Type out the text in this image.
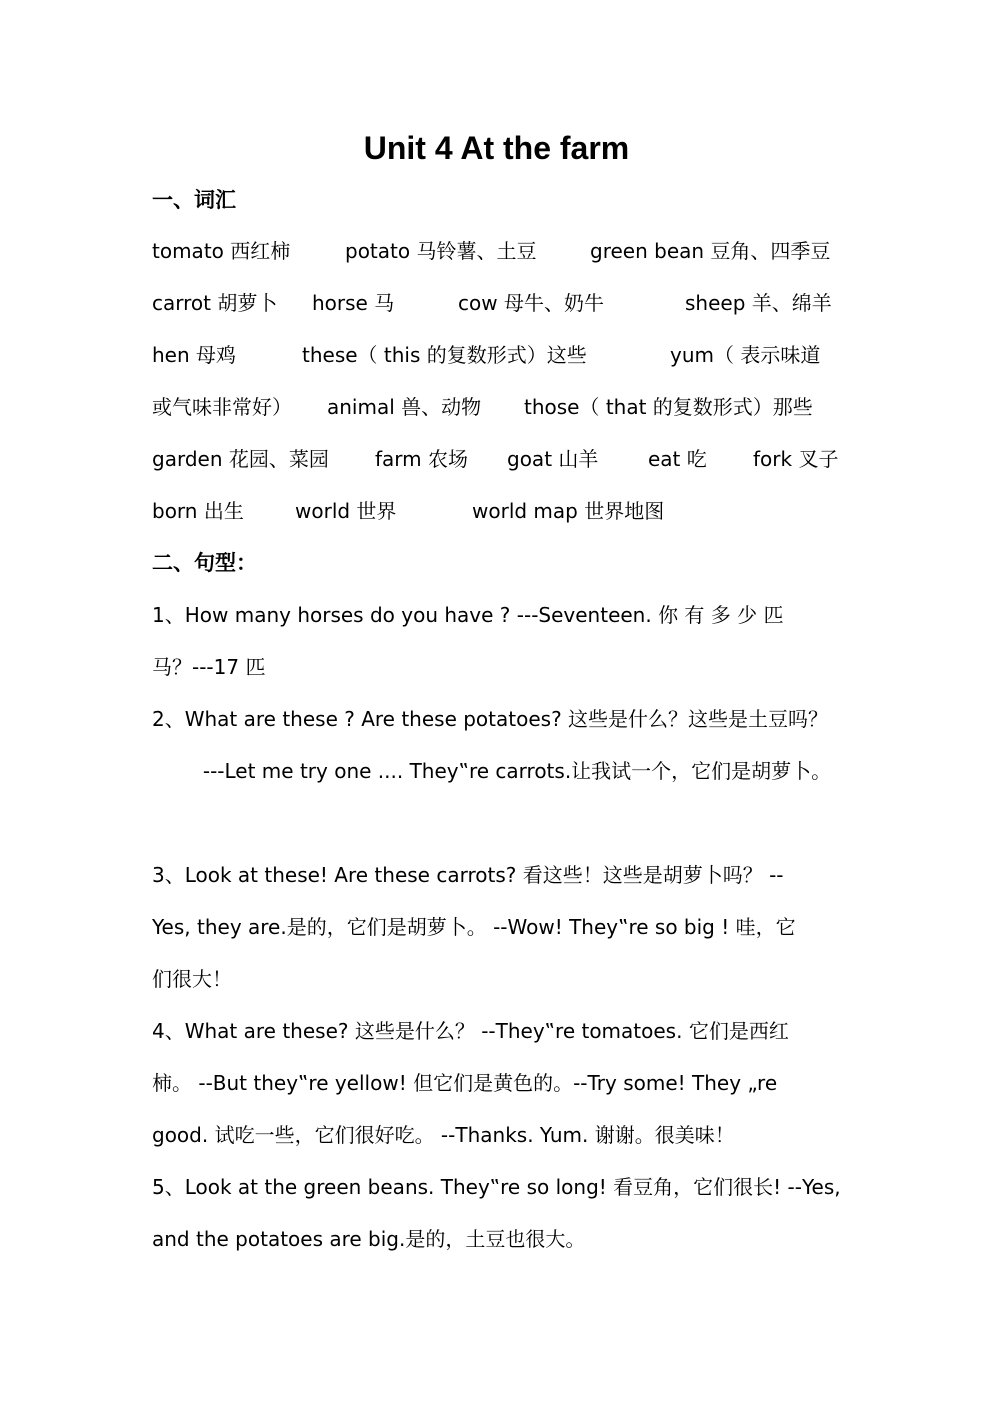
Unit 4 At the farm
一、词汇
tomato 西红柿	potato 马铃薯、土豆	green bean 豆角、四季豆
carrot 胡萝卜 horse 马	cow 母牛、奶牛	sheep 羊、绵羊
hen 母鸡	these（ this 的复数形式）这些	yum（ 表示味道
或气味非常好） animal 兽、动物 those（ that 的复数形式）那些
garden 花园、菜园 farm 农场 goat 山羊 eat 吃 fork 叉子
born 出生	world 世界	world map 世界地图
二、句型：
1、How many horses do you have ? ---Seventeen. 你 有 多 少 匹
马？---17 匹
2、What are these ? Are these potatoes? 这些是什么？这些是土豆吗？
---Let me try one .... They‟re carrots.让我试一个，它们是胡萝卜。
3、Look at these! Are these carrots? 看这些！这些是胡萝卜吗？ --
Yes, they are.是的，它们是胡萝卜。 --Wow! They‟re so big ! 哇，它
们很大！
4、What are these? 这些是什么？ --They‟re tomatoes. 它们是西红
柿。 --But they‟re yellow! 但它们是黄色的。--Try some! They „re
good. 试吃一些，它们很好吃。 --Thanks. Yum. 谢谢。很美味！
5、Look at the green beans. They‟re so long! 看豆角，它们很长! --Yes,
and the potatoes are big.是的，土豆也很大。
